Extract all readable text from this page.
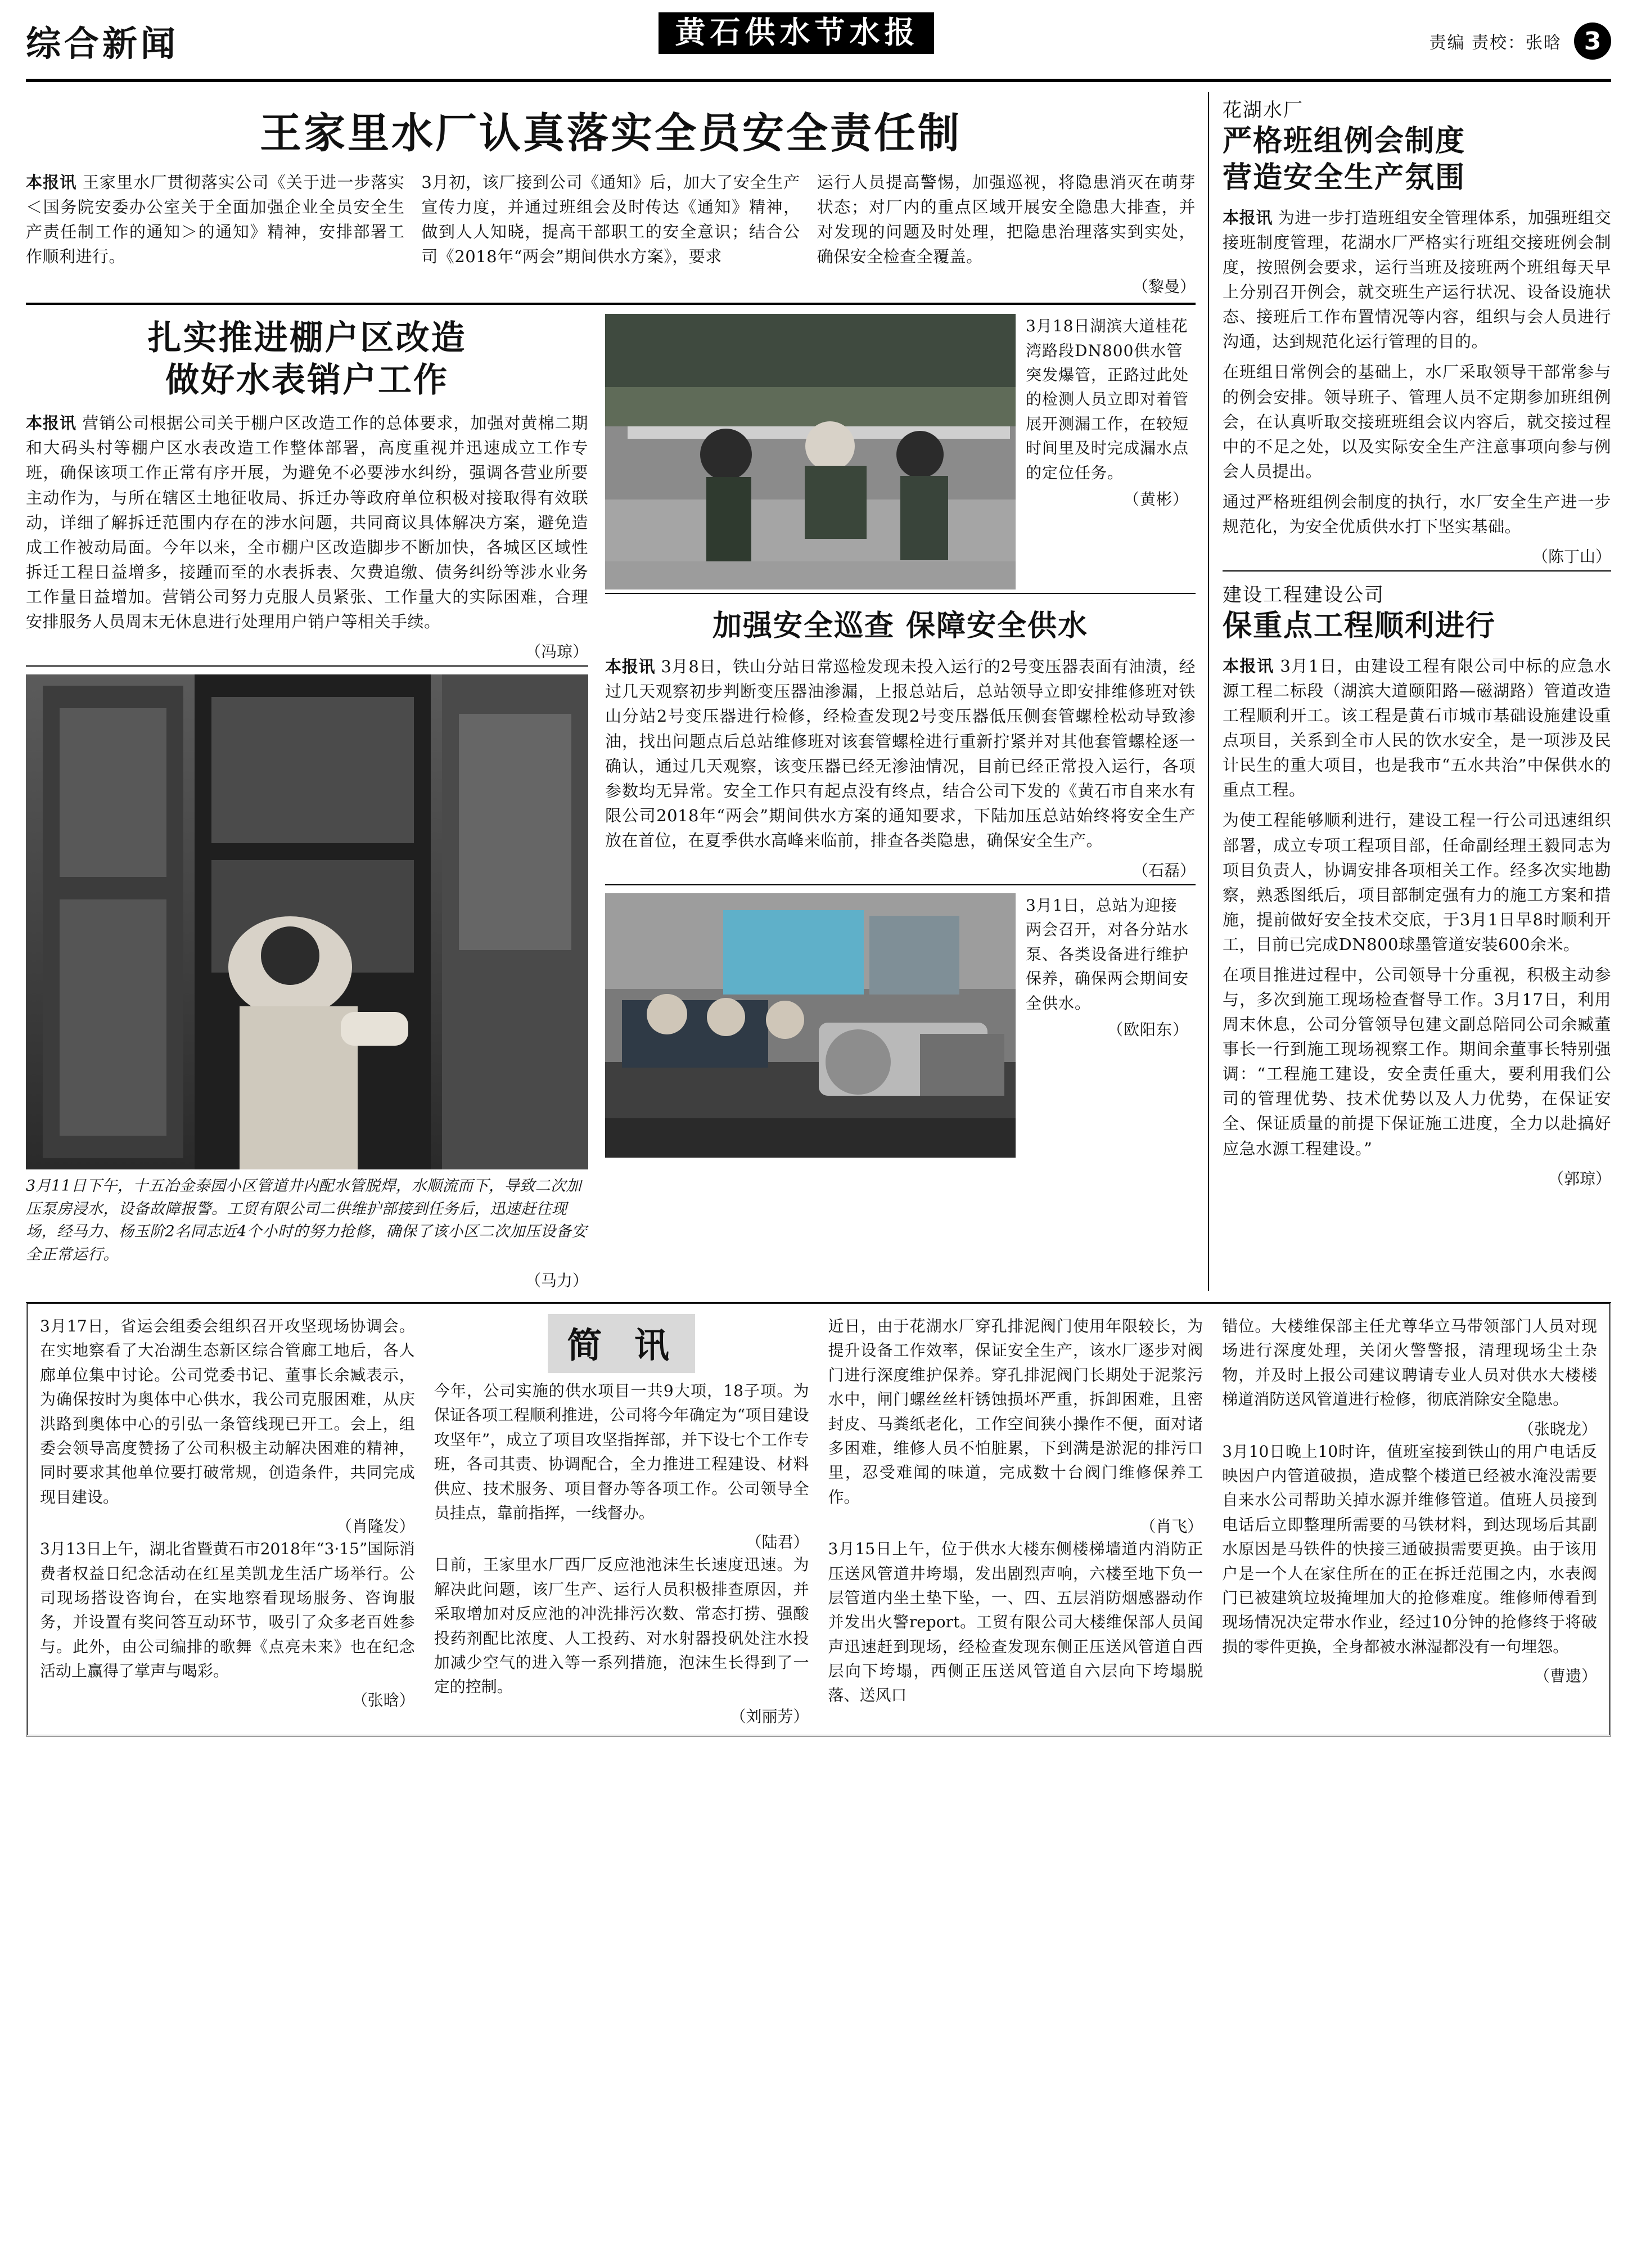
综合新闻	黄石供水节水报	责编 责校：张晗 3
王家里水厂认真落实全员安全责任制

本报讯 王家里水厂贯彻落实公司《关于进一步落实＜国务院安委办公室关于全面加强企业全员安全生产责任制工作的通知＞的通知》精神，安排部署工作顺利进行。

3月初，该厂接到公司《通知》后，加大了安全生产宣传力度，并通过班组会及时传达《通知》精神，做到人人知晓，提高干部职工的安全意识；结合公司《2018年“两会”期间供水方案》，要求

运行人员提高警惕，加强巡视，将隐患消灭在萌芽状态；对厂内的重点区域开展安全隐患大排查，并对发现的问题及时处理，把隐患治理落实到实处，确保安全检查全覆盖。

（黎曼）
扎实推进棚户区改造
做好水表销户工作

本报讯 营销公司根据公司关于棚户区改造工作的总体要求，加强对黄棉二期和大码头村等棚户区水表改造工作整体部署，高度重视并迅速成立工作专班，确保该项工作正常有序开展，为避免不必要涉水纠纷，强调各营业所要主动作为，与所在辖区土地征收局、拆迁办等政府单位积极对接取得有效联动，详细了解拆迁范围内存在的涉水问题，共同商议具体解决方案，避免造成工作被动局面。今年以来，全市棚户区改造脚步不断加快，各城区区域性拆迁工程日益增多，接踵而至的水表拆表、欠费追缴、债务纠纷等涉水业务工作量日益增加。营销公司努力克服人员紧张、工作量大的实际困难，合理安排服务人员周末无休息进行处理用户销户等相关手续。

（冯琼）
3月11日下午，十五冶金泰园小区管道井内配水管脱焊，水顺流而下，导致二次加压泵房浸水，设备故障报警。工贸有限公司二供维护部接到任务后，迅速赶往现场，经马力、杨玉阶2名同志近4个小时的努力抢修，确保了该小区二次加压设备安全正常运行。
（马力）
3月18日湖滨大道桂花湾路段DN800供水管突发爆管，正路过此处的检测人员立即对着管展开测漏工作，在较短时间里及时完成漏水点的定位任务。
（黄彬）
加强安全巡查 保障安全供水

本报讯 3月8日，铁山分站日常巡检发现未投入运行的2号变压器表面有油渍，经过几天观察初步判断变压器油渗漏，上报总站后，总站领导立即安排维修班对铁山分站2号变压器进行检修，经检查发现2号变压器低压侧套管螺栓松动导致渗油，找出问题点后总站维修班对该套管螺栓进行重新拧紧并对其他套管螺栓逐一确认，通过几天观察，该变压器已经无渗油情况，目前已经正常投入运行，各项参数均无异常。安全工作只有起点没有终点，结合公司下发的《黄石市自来水有限公司2018年“两会”期间供水方案的通知要求，下陆加压总站始终将安全生产放在首位，在夏季供水高峰来临前，排查各类隐患，确保安全生产。

（石磊）
3月1日，总站为迎接两会召开，对各分站水泵、各类设备进行维护保养，确保两会期间安全供水。
（欧阳东）
花湖水厂
严格班组例会制度
营造安全生产氛围

本报讯 为进一步打造班组安全管理体系，加强班组交接班制度管理，花湖水厂严格实行班组交接班例会制度，按照例会要求，运行当班及接班两个班组每天早上分别召开例会，就交班生产运行状况、设备设施状态、接班后工作布置情况等内容，组织与会人员进行沟通，达到规范化运行管理的目的。

在班组日常例会的基础上，水厂采取领导干部常参与的例会安排。领导班子、管理人员不定期参加班组例会，在认真听取交接班班组会议内容后，就交接过程中的不足之处，以及实际安全生产注意事项向参与例会人员提出。

通过严格班组例会制度的执行，水厂安全生产进一步规范化，为安全优质供水打下坚实基础。

（陈丁山）
建设工程建设公司
保重点工程顺利进行

本报讯 3月1日，由建设工程有限公司中标的应急水源工程二标段（湖滨大道颐阳路—磁湖路）管道改造工程顺利开工。该工程是黄石市城市基础设施建设重点项目，关系到全市人民的饮水安全，是一项涉及民计民生的重大项目，也是我市“五水共治”中保供水的重点工程。

为使工程能够顺利进行，建设工程一行公司迅速组织部署，成立专项工程项目部，任命副经理王毅同志为项目负责人，协调安排各项相关工作。经多次实地勘察，熟悉图纸后，项目部制定强有力的施工方案和措施，提前做好安全技术交底，于3月1日早8时顺利开工，目前已完成DN800球墨管道安装600余米。

在项目推进过程中，公司领导十分重视，积极主动参与，多次到施工现场检查督导工作。3月17日，利用周末休息，公司分管领导包建文副总陪同公司余臧董事长一行到施工现场视察工作。期间余董事长特别强调：“工程施工建设，安全责任重大，要利用我们公司的管理优势、技术优势以及人力优势，在保证安全、保证质量的前提下保证施工进度，全力以赴搞好应急水源工程建设。”

（郭琼）

3月17日，省运会组委会组织召开攻坚现场协调会。在实地察看了大冶湖生态新区综合管廊工地后，各人廊单位集中讨论。公司党委书记、董事长余臧表示，为确保按时为奥体中心供水，我公司克服困难，从庆洪路到奥体中心的引弘一条管线现已开工。会上，组委会领导高度赞扬了公司积极主动解决困难的精神，同时要求其他单位要打破常规，创造条件，共同完成现目建设。

（肖隆发）

3月13日上午，湖北省暨黄石市2018年“3·15”国际消费者权益日纪念活动在红星美凯龙生活广场举行。公司现场搭设咨询台，在实地察看现场服务、咨询服务，并设置有奖问答互动环节，吸引了众多老百姓参与。此外，由公司编排的歌舞《点亮未来》也在纪念活动上赢得了掌声与喝彩。

（张晗）
简 讯

今年，公司实施的供水项目一共9大项，18子项。为保证各项工程顺利推进，公司将今年确定为“项目建设攻坚年”，成立了项目攻坚指挥部，并下设七个工作专班，各司其责、协调配合，全力推进工程建设、材料供应、技术服务、项目督办等各项工作。公司领导全员挂点，靠前指挥，一线督办。

（陆君）

日前，王家里水厂西厂反应池池沫生长速度迅速。为解决此问题，该厂生产、运行人员积极排查原因，并采取增加对反应池的冲洗排污次数、常态打捞、强酸投药剂配比浓度、人工投药、对水射器投矾处注水投加减少空气的进入等一系列措施，泡沫生长得到了一定的控制。

（刘丽芳）

近日，由于花湖水厂穿孔排泥阀门使用年限较长，为提升设备工作效率，保证安全生产，该水厂逐步对阀门进行深度维护保养。穿孔排泥阀门长期处于泥浆污水中，闸门螺丝丝杆锈蚀损坏严重，拆卸困难，且密封皮、马粪纸老化，工作空间狭小操作不便，面对诸多困难，维修人员不怕脏累，下到满是淤泥的排污口里，忍受难闻的味道，完成数十台阀门维修保养工作。

（肖飞）

3月15日上午，位于供水大楼东侧楼梯墙道内消防正压送风管道井垮塌，发出剧烈声响，六楼至地下负一层管道内坐土垫下坠，一、四、五层消防烟感器动作并发出火警report。工贸有限公司大楼维保部人员闻声迅速赶到现场，经检查发现东侧正压送风管道自西层向下垮塌，西侧正压送风管道自六层向下垮塌脱落、送风口

错位。大楼维保部主任尤尊华立马带领部门人员对现场进行深度处理，关闭火警警报，清理现场尘土杂物，并及时上报公司建议聘请专业人员对供水大楼楼梯道消防送风管道进行检修，彻底消除安全隐患。

（张晓龙）

3月10日晚上10时许，值班室接到铁山的用户电话反映因户内管道破损，造成整个楼道已经被水淹没需要自来水公司帮助关掉水源并维修管道。值班人员接到电话后立即整理所需要的马铁材料，到达现场后其副水原因是马铁件的快接三通破损需要更换。由于该用户是一个人在家住所在的正在拆迁范围之内，水表阀门已被建筑垃圾掩埋加大的抢修难度。维修师傅看到现场情况决定带水作业，经过10分钟的抢修终于将破损的零件更换，全身都被水淋湿都没有一句埋怨。

（曹遗）
